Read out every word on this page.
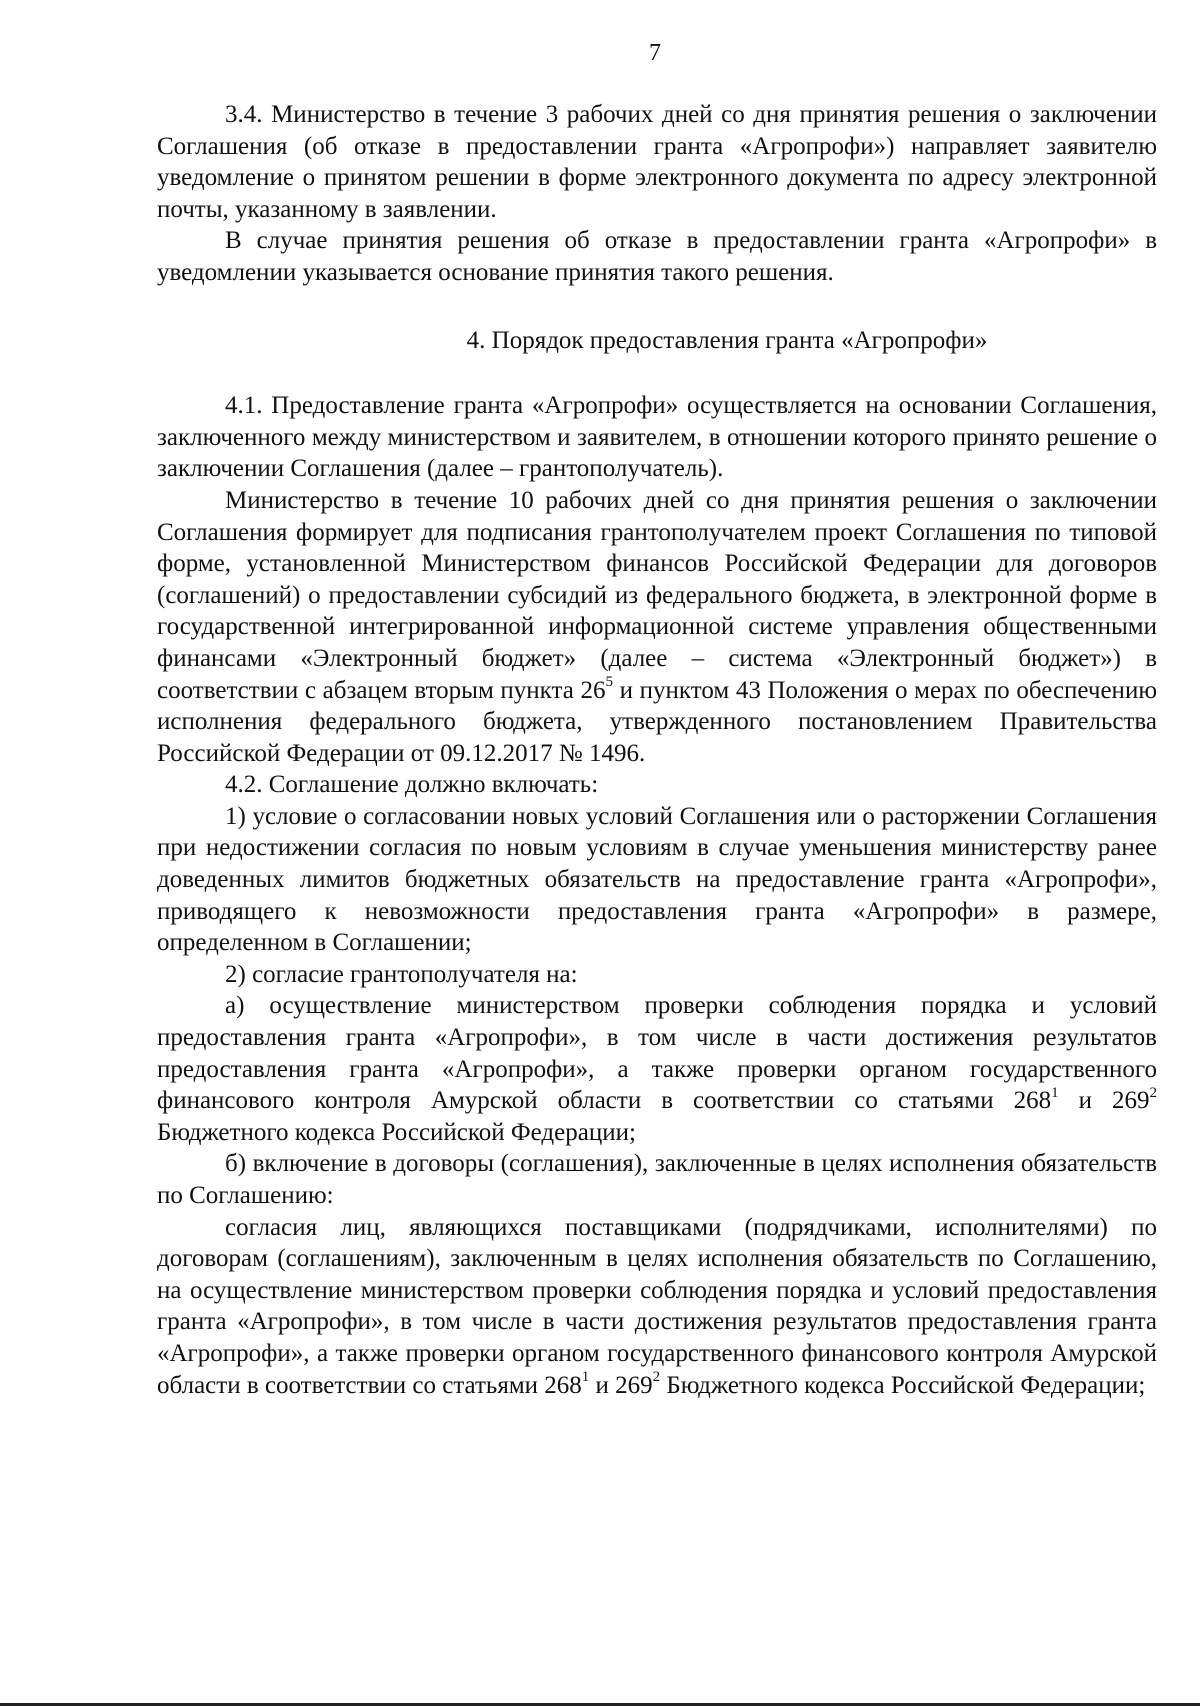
7

3.4. Министерство в течение 3 рабочих дней со дня принятия решения о заключении Соглашения (об отказе в предоставлении гранта «Агропрофи») направляет заявителю уведомление о принятом решении в форме электронного документа по адресу электронной почты, указанному в заявлении.

В случае принятия решения об отказе в предоставлении гранта «Агропрофи» в уведомлении указывается основание принятия такого решения.

4. Порядок предоставления гранта «Агропрофи»

4.1. Предоставление гранта «Агропрофи» осуществляется на основании Соглашения, заключенного между министерством и заявителем, в отношении которого принято решение о заключении Соглашения (далее – грантополучатель).

Министерство в течение 10 рабочих дней со дня принятия решения о заключении Соглашения формирует для подписания грантополучателем проект Соглашения по типовой форме, установленной Министерством финансов Российской Федерации для договоров (соглашений) о предоставлении субсидий из федерального бюджета, в электронной форме в государственной интегрированной информационной системе управления общественными финансами «Электронный бюджет» (далее – система «Электронный бюджет») в соответствии с абзацем вторым пункта $26^5$ и пунктом 43 Положения о мерах по обеспечению исполнения федерального бюджета, утвержденного постановлением Правительства Российской Федерации от 09.12.2017 № 1496.

4.2. Соглашение должно включать:

1) условие о согласовании новых условий Соглашения или о расторжении Соглашения при недостижении согласия по новым условиям в случае уменьшения министерству ранее доведенных лимитов бюджетных обязательств на предоставление гранта «Агропрофи», приводящего к невозможности предоставления гранта «Агропрофи» в размере, определенном в Соглашении;

2) согласие грантополучателя на:

а) осуществление министерством проверки соблюдения порядка и условий предоставления гранта «Агропрофи», в том числе в части достижения результатов предоставления гранта «Агропрофи», а также проверки органом государственного финансового контроля Амурской области в соответствии со статьями $268^1$ и $269^2$ Бюджетного кодекса Российской Федерации;

б) включение в договоры (соглашения), заключенные в целях исполнения обязательств по Соглашению:

согласия лиц, являющихся поставщиками (подрядчиками, исполнителями) по договорам (соглашениям), заключенным в целях исполнения обязательств по Соглашению, на осуществление министерством проверки соблюдения порядка и условий предоставления гранта «Агропрофи», в том числе в части достижения результатов предоставления гранта «Агропрофи», а также проверки органом государственного финансового контроля Амурской области в соответствии со статьями $268^1$ и $269^2$ Бюджетного кодекса Российской Федерации;
